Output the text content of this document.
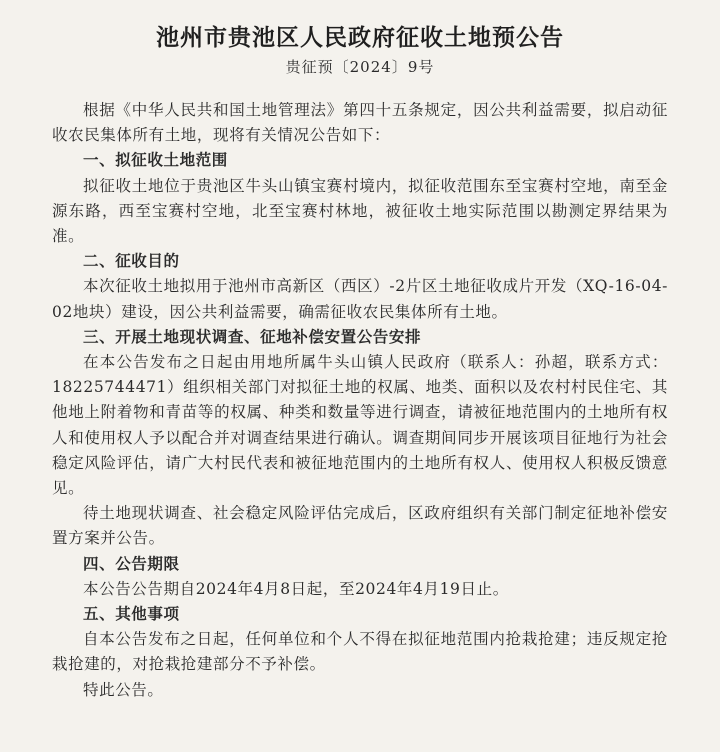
池州市贵池区人民政府征收土地预公告
贵征预〔2024〕9号

根据《中华人民共和国土地管理法》第四十五条规定，因公共利益需要，拟启动征收农民集体所有土地，现将有关情况公告如下：

一、拟征收土地范围

拟征收土地位于贵池区牛头山镇宝赛村境内，拟征收范围东至宝赛村空地，南至金源东路，西至宝赛村空地，北至宝赛村林地，被征收土地实际范围以勘测定界结果为准。

二、征收目的

本次征收土地拟用于池州市高新区（西区）-2片区土地征收成片开发（XQ-16-04-02地块）建设，因公共利益需要，确需征收农民集体所有土地。

三、开展土地现状调查、征地补偿安置公告安排

在本公告发布之日起由用地所属牛头山镇人民政府（联系人：孙超，联系方式：18225744471）组织相关部门对拟征土地的权属、地类、面积以及农村村民住宅、其他地上附着物和青苗等的权属、种类和数量等进行调查，请被征地范围内的土地所有权人和使用权人予以配合并对调查结果进行确认。调查期间同步开展该项目征地行为社会稳定风险评估，请广大村民代表和被征地范围内的土地所有权人、使用权人积极反馈意见。

待土地现状调查、社会稳定风险评估完成后，区政府组织有关部门制定征地补偿安置方案并公告。

四、公告期限

本公告公告期自2024年4月8日起，至2024年4月19日止。

五、其他事项

自本公告发布之日起，任何单位和个人不得在拟征地范围内抢栽抢建；违反规定抢栽抢建的，对抢栽抢建部分不予补偿。

特此公告。
